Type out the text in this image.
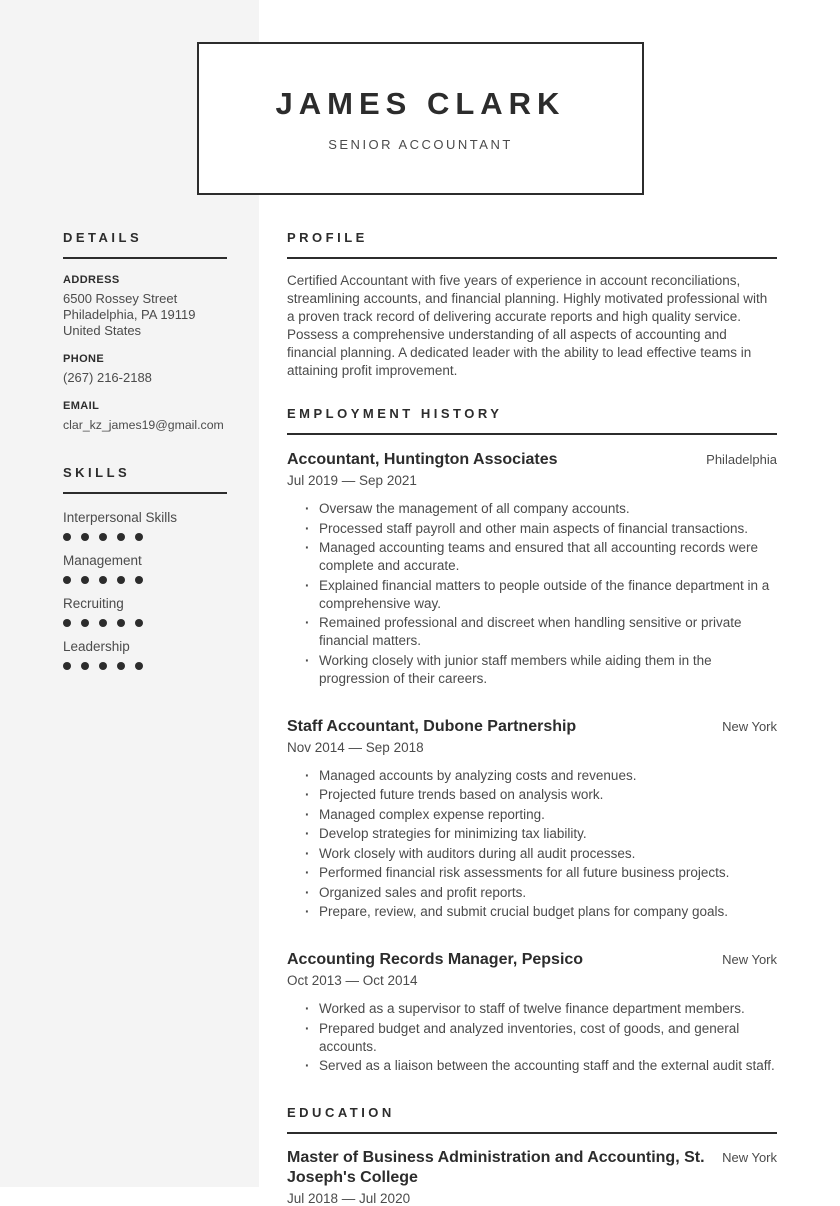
JAMES CLARK
SENIOR ACCOUNTANT
DETAILS
ADDRESS
6500 Rossey Street
Philadelphia, PA 19119
United States
PHONE
(267) 216-2188
EMAIL
clar_kz_james19@gmail.com
SKILLS
Interpersonal Skills
Management
Recruiting
Leadership
PROFILE

Certified Accountant with five years of experience in account reconciliations, streamlining accounts, and financial planning. Highly motivated professional with a proven track record of delivering accurate reports and high quality service. Possess a comprehensive understanding of all aspects of accounting and financial planning. A dedicated leader with the ability to lead effective teams in attaining profit improvement.

EMPLOYMENT HISTORY
Accountant, Huntington Associates	Philadelphia
Jul 2019 — Sep 2021
· Oversaw the management of all company accounts.
· Processed staff payroll and other main aspects of financial transactions.
· Managed accounting teams and ensured that all accounting records were complete and accurate.
· Explained financial matters to people outside of the finance department in a comprehensive way.
· Remained professional and discreet when handling sensitive or private financial matters.
· Working closely with junior staff members while aiding them in the progression of their careers.
Staff Accountant, Dubone Partnership	New York
Nov 2014 — Sep 2018
· Managed accounts by analyzing costs and revenues.
· Projected future trends based on analysis work.
· Managed complex expense reporting.
· Develop strategies for minimizing tax liability.
· Work closely with auditors during all audit processes.
· Performed financial risk assessments for all future business projects.
· Organized sales and profit reports.
· Prepare, review, and submit crucial budget plans for company goals.
Accounting Records Manager, Pepsico	New York
Oct 2013 — Oct 2014
· Worked as a supervisor to staff of twelve finance department members.
· Prepared budget and analyzed inventories, cost of goods, and general accounts.
· Served as a liaison between the accounting staff and the external audit staff.
EDUCATION
Master of Business Administration and Accounting, St. Joseph's College
New York
Jul 2018 — Jul 2020
